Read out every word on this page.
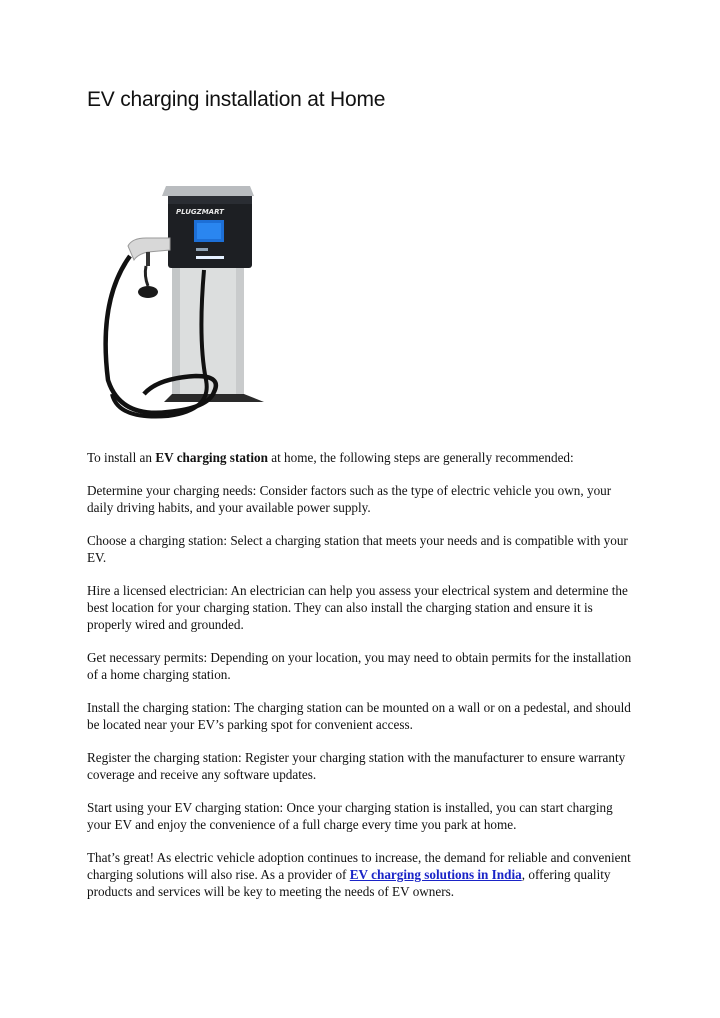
EV charging installation at Home
PLUGZMART

To install an EV charging station at home, the following steps are generally recommended:

Determine your charging needs: Consider factors such as the type of electric vehicle you own, your daily driving habits, and your available power supply.

Choose a charging station: Select a charging station that meets your needs and is compatible with your EV.

Hire a licensed electrician: An electrician can help you assess your electrical system and determine the best location for your charging station. They can also install the charging station and ensure it is properly wired and grounded.

Get necessary permits: Depending on your location, you may need to obtain permits for the installation of a home charging station.

Install the charging station: The charging station can be mounted on a wall or on a pedestal, and should be located near your EV’s parking spot for convenient access.

Register the charging station: Register your charging station with the manufacturer to ensure warranty coverage and receive any software updates.

Start using your EV charging station: Once your charging station is installed, you can start charging your EV and enjoy the convenience of a full charge every time you park at home.

That’s great! As electric vehicle adoption continues to increase, the demand for reliable and convenient charging solutions will also rise. As a provider of EV charging solutions in India, offering quality products and services will be key to meeting the needs of EV owners.
